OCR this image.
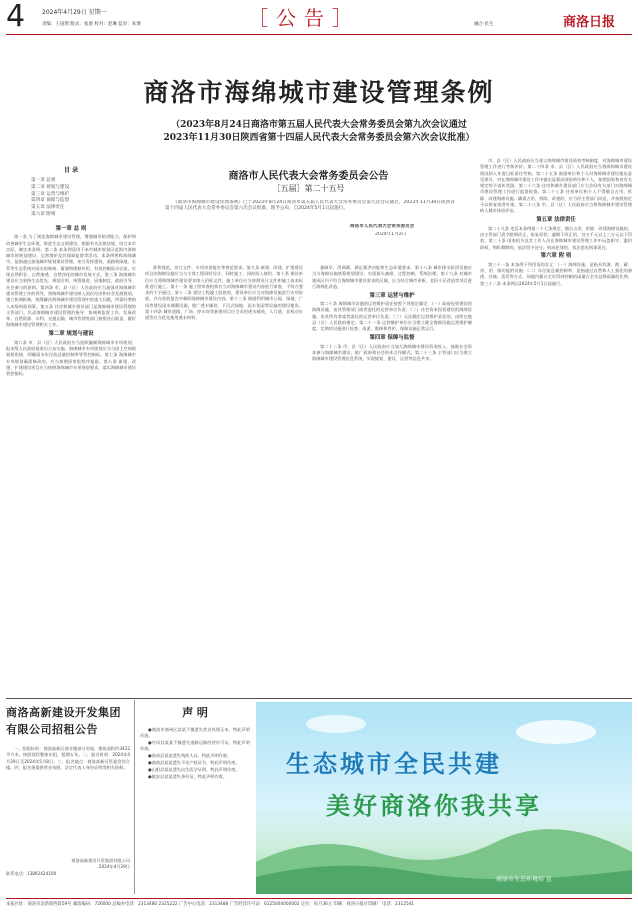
4	2024年4月29日 星期一
责编：王国增 版式：张倩 校对：赵琳 监审：朱博	［公告］	融合·民生	商洛日报
商洛市海绵城市建设管理条例
（2023年8月24日商洛市第五届人民代表大会常务委员会第九次会议通过
2023年11月30日陕西省第十四届人民代表大会常务委员会第六次会议批准）
商洛市人民代表大会常务委员会公告
［五届］第二十五号

《商洛市海绵城市建设管理条例》已于2023年8月24日商洛市第五届人民代表大会常务委员会第九次会议通过，2023年11月30日陕西省第十四届人民代表大会常务委员会第六次会议批准，现予公布，自2024年5月1日起施行。

商洛市人民代表大会常务委员会
2024年1月2日
目 录
第一章 总则
第二章 规划与建设
第三章 运营与维护
第四章 保障与监督
第五章 法律责任
第六章 附则

第一章 总 则

第一条 为了规范海绵城市建设管理，增强城市防涝能力，保护和改善城市生态环境，推进生态文明建设，根据有关法律法规，结合本市实际，制定本条例。第二条 本条例适用于本市城市规划区范围内海绵城市的规划建设、运营维护及其保障监督等活动。本条例所称海绵城市，是指通过加强城市规划建设管理，充分发挥建筑、道路和绿地、水系等生态系统对雨水的吸纳、蓄渗和缓释作用，有效控制雨水径流，实现自然积存、自然渗透、自然净化的城市发展方式。第三条 海绵城市建设应当坚持生态优先、规划引领、统筹推进、因地制宜、政府引导、社会参与的原则。第四条 市、县（区）人民政府应当加强对海绵城市建设管理工作的领导，将海绵城市建设纳入国民经济和社会发展规划，建立协调机制，统筹解决海绵城市建设管理中的重大问题，所需经费纳入本级财政预算。第五条 住房和城乡建设部门是海绵城市建设管理的主管部门，负责海绵城市建设管理的指导、协调和监督工作。发展改革、自然资源、水利、交通运输、城市管理等部门按照各自职责，做好海绵城市建设管理相关工作。

第二章 规划与建设

第六条 市、县（区）人民政府应当组织编制海绵城市专项规划，报本级人民政府批准后公布实施。海绵城市专项规划应当与国土空间规划相衔接，明确雨水年径流总量控制率等管控指标。第七条 海绵城市专项规划确需修改的，应当按照原审批程序报批。第八条 新建、改建、扩建建设项目应当按照海绵城市专项规划要求，落实海绵城市建设管控指标。

准和规范，设计文件、专项审查报告等规范要求。第九条 新建、改建、扩建建设项目的海绵设施应当与主体工程同时设计、同时施工、同时投入使用。第十条 建设单位应当将海绵城市建设要求纳入招标文件，施工单位应当按照设计文件和施工技术标准进行施工。第十一条 施工图审查机构应当对海绵城市建设内容进行审查，不符合要求的不予通过。第十二条 建设工程竣工验收时，建设单位应当对海绵设施进行专项验收，并在验收报告中载明海绵城市建设内容。第十三条 鼓励利用城市公园、绿地、广场等建设雨水调蓄设施，推广透水铺装、下沉式绿地、雨水花园等设施的建设使用。第十四条 城市道路、广场、停车场等新建项目应当采用透水铺装，人行道、非机动车道等应当优先使用透水材料。

兼顾旱、涝调蓄，满足蓄洪功能和生态环境要求。第十八条 城市排水防涝设施应当与海绵设施统筹规划建设，实现源头减排、过程控制、系统治理。第十九条 对城市建成区内不符合海绵城市建设要求的区域，应当结合城市更新、老旧小区改造等项目进行海绵化改造。

第三章 运营与维护

第二十条 海绵城市设施的运营维护责任按照下列规定确定：（一）政府投资建设的海绵设施，由其管理部门或者委托的运营单位负责；（二）社会资本投资建设的海绵设施，由其所有者或者委托的运营单位负责；（三）无法确定运营维护责任的，由所在地县（区）人民政府指定。第二十一条 运营维护单位应当建立健全海绵设施运营维护制度，定期对设施进行检查、清淤、维修和养护，保障设施正常运行。

第四章 保障与监督

第二十二条 市、县（区）人民政府应当加大海绵城市建设资金投入，鼓励社会资本参与海绵城市建设，推广政府和社会资本合作模式。第二十三条 主管部门应当建立海绵城市建设管理信息系统，实现规划、建设、运营等信息共享。

市、县（区）人民政府应当建立海绵城市建设绩效考核制度，对海绵城市建设管理工作进行考核评价。第二十四条 市、县（区）人民政府应当将海绵城市建设情况纳入年度目标责任考核。第二十五条 鼓励单位和个人对海绵城市建设提出意见建议。对在海绵城市建设工作中做出显著成绩的单位和个人，按照国家和省有关规定给予表彰奖励。第二十六条 住房和城乡建设部门应当会同有关部门对海绵城市建设管理工作进行监督检查。第二十七条 任何单位和个人不得擅自占用、拆除、改建海绵设施。确需占用、拆除、改建的，应当经主管部门同意，并按照规定予以恢复或者补建。第二十八条 市、县（区）人民政府应当将海绵城市建设管理纳入城市体检评估。

第五章 法律责任

第二十九条 违反本条例第二十七条规定，擅自占用、拆除、改建海绵设施的，由主管部门责令限期改正，恢复原状；逾期不改正的，处五千元以上三万元以下罚款。第三十条 国家机关及其工作人员在海绵城市建设管理工作中玩忽职守、滥用职权、徇私舞弊的，依法给予处分；构成犯罪的，依法追究刑事责任。

第六章 附 则

第三十一条 本条例下列用语的含义：（一）海绵设施，是指具有渗、滞、蓄、净、用、排功能的设施；（二）年径流总量控制率，是指通过自然和人工强化的渗透、存储、蒸发等方式，场地内累计全年得到控制的雨量占全年总降雨量的比例。第三十二条 本条例自2024年5月1日起施行。

商洛高新建设开发集团
有限公司招租公告

一、招租标的：商洛高新区商业楼部分房屋，建筑面积约3422平方米，按照现状整体出租，租期五年。二、报名时间：2024年4月29日至2024年5月8日。三、报名地点：商洛高新区管委会综合楼。四、报名须提供营业执照、法定代表人身份证明等相关资料。

商洛高新建设开发集团有限公司
2024年4月29日
联系电话：13892424100
声 明

●商洛市商州区某某不慎遗失营业执照正本，特此声明作废。

●丹凤县某某不慎遗失道路运输经营许可证，特此声明作废。

●洛南县某某遗失残疾人证，特此声明作废。

●商南县某某遗失不动产权证书，特此声明作废。

●山阳县某某遗失出生医学证明，特此声明作废。

●镇安县某某遗失身份证，特此声明作废。	生态城市全民共建
美好商洛你我共享
商洛市生态环境局 宣
本报社址：商洛市北新街西段59号 邮政编码：726000 总编办电话：2313480 2325222 广告中心电话：2313488 广告经营许可证：6125004000002 定价：每月36元 印刷：商洛日报社印刷厂 电话：2312541
